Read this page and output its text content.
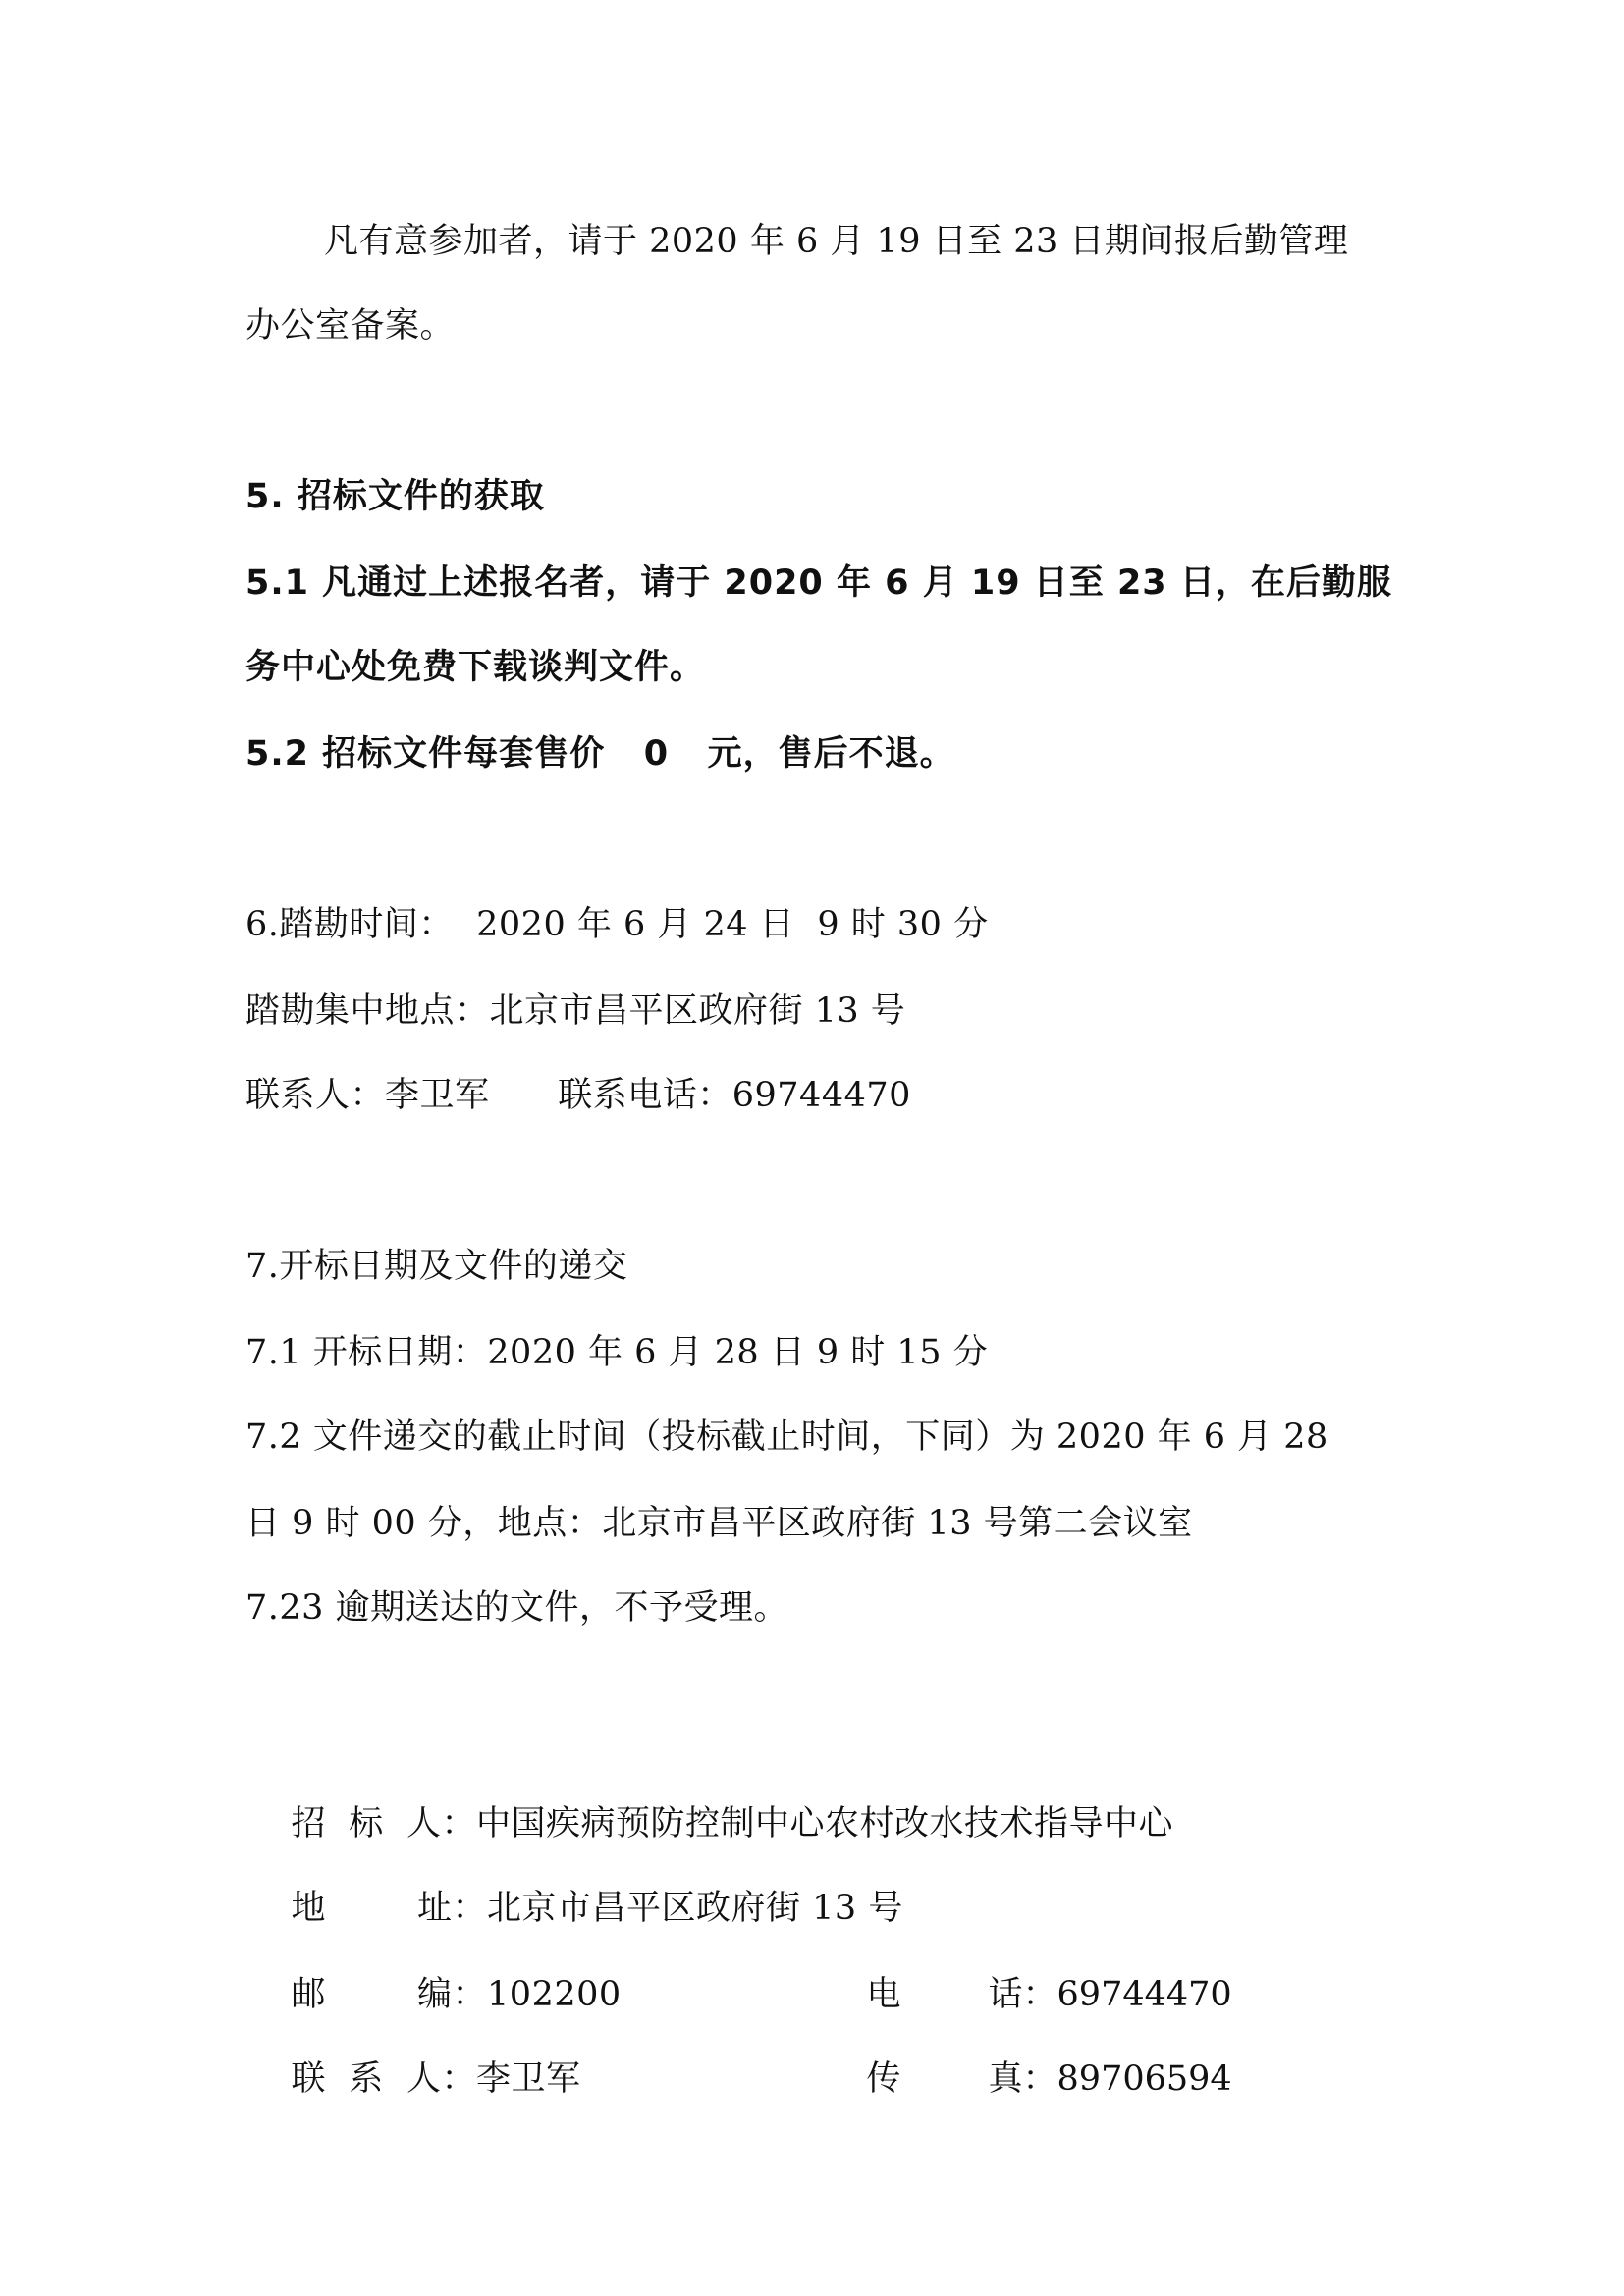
凡有意参加者，请于 2020 年 6 月 19 日至 23 日期间报后勤管理
办公室备案。
5. 招标文件的获取
5.1 凡通过上述报名者，请于 2020 年 6 月 19 日至 23 日，在后勤服
务中心处免费下载谈判文件。
5.2 招标文件每套售价   0   元，售后不退。
6.踏勘时间：  2020 年 6 月 24 日  9 时 30 分
踏勘集中地点：北京市昌平区政府街 13 号
联系人：李卫军      联系电话：69744470
7.开标日期及文件的递交
7.1 开标日期：2020 年 6 月 28 日 9 时 15 分
7.2 文件递交的截止时间（投标截止时间，下同）为 2020 年 6 月 28
日 9 时 00 分，地点：北京市昌平区政府街 13 号第二会议室
7.23 逾期送达的文件，不予受理。

招  标  人：中国疾病预防控制中心农村改水技术指导中心

地        址：北京市昌平区政府街 13 号

邮        编：102200
	电        话：69744470

联  系  人：李卫军
	传        真：89706594
